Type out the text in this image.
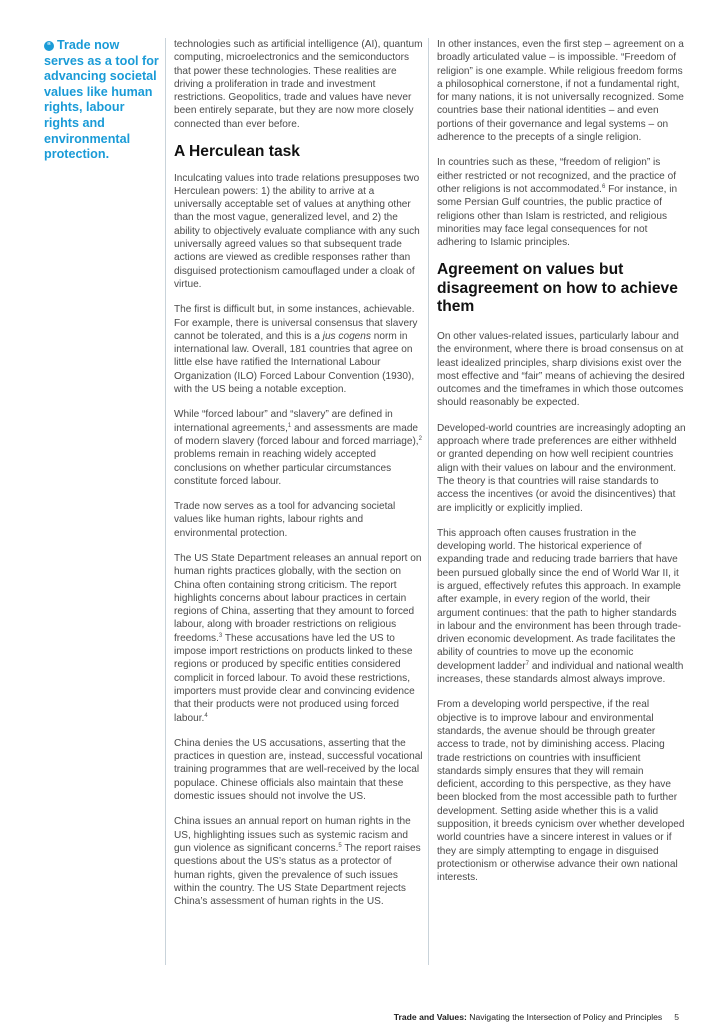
“ Trade now serves as a tool for advancing societal values like human rights, labour rights and environmental protection.

technologies such as artificial intelligence (AI), quantum computing, microelectronics and the semiconductors that power these technologies. These realities are driving a proliferation in trade and investment restrictions. Geopolitics, trade and values have never been entirely separate, but they are now more closely connected than ever before.

A Herculean task

Inculcating values into trade relations presupposes two Herculean powers: 1) the ability to arrive at a universally acceptable set of values at anything other than the most vague, generalized level, and 2) the ability to objectively evaluate compliance with any such universally agreed values so that subsequent trade actions are viewed as credible responses rather than disguised protectionism camouflaged under a cloak of virtue.

The first is difficult but, in some instances, achievable. For example, there is universal consensus that slavery cannot be tolerated, and this is a jus cogens norm in international law. Overall, 181 countries that agree on little else have ratified the International Labour Organization (ILO) Forced Labour Convention (1930), with the US being a notable exception.

While “forced labour” and “slavery” are defined in international agreements,$^1$ and assessments are made of modern slavery (forced labour and forced marriage),$^2$ problems remain in reaching widely accepted conclusions on whether particular circumstances constitute forced labour.

Trade now serves as a tool for advancing societal values like human rights, labour rights and environmental protection.

The US State Department releases an annual report on human rights practices globally, with the section on China often containing strong criticism. The report highlights concerns about labour practices in certain regions of China, asserting that they amount to forced labour, along with broader restrictions on religious freedoms.$^3$ These accusations have led the US to impose import restrictions on products linked to these regions or produced by specific entities considered complicit in forced labour. To avoid these restrictions, importers must provide clear and convincing evidence that their products were not produced using forced labour.$^4$

China denies the US accusations, asserting that the practices in question are, instead, successful vocational training programmes that are well-received by the local populace. Chinese officials also maintain that these domestic issues should not involve the US.

China issues an annual report on human rights in the US, highlighting issues such as systemic racism and gun violence as significant concerns.$^5$ The report raises questions about the US’s status as a protector of human rights, given the prevalence of such issues within the country. The US State Department rejects China’s assessment of human rights in the US.

In other instances, even the first step – agreement on a broadly articulated value – is impossible. “Freedom of religion” is one example. While religious freedom forms a philosophical cornerstone, if not a fundamental right, for many nations, it is not universally recognized. Some countries base their national identities – and even portions of their governance and legal systems – on adherence to the precepts of a single religion.

In countries such as these, “freedom of religion” is either restricted or not recognized, and the practice of other religions is not accommodated.$^6$ For instance, in some Persian Gulf countries, the public practice of religions other than Islam is restricted, and religious minorities may face legal consequences for not adhering to Islamic principles.

Agreement on values but disagreement on how to achieve them

On other values-related issues, particularly labour and the environment, where there is broad consensus on at least idealized principles, sharp divisions exist over the most effective and “fair” means of achieving the desired outcomes and the timeframes in which those outcomes should reasonably be expected.

Developed-world countries are increasingly adopting an approach where trade preferences are either withheld or granted depending on how well recipient countries align with their values on labour and the environment. The theory is that countries will raise standards to access the incentives (or avoid the disincentives) that are implicitly or explicitly implied.

This approach often causes frustration in the developing world. The historical experience of expanding trade and reducing trade barriers that have been pursued globally since the end of World War II, it is argued, effectively refutes this approach. In example after example, in every region of the world, their argument continues: that the path to higher standards in labour and the environment has been through trade-driven economic development. As trade facilitates the ability of countries to move up the economic development ladder$^7$ and individual and national wealth increases, these standards almost always improve.

From a developing world perspective, if the real objective is to improve labour and environmental standards, the avenue should be through greater access to trade, not by diminishing access. Placing trade restrictions on countries with insufficient standards simply ensures that they will remain deficient, according to this perspective, as they have been blocked from the most accessible path to further development. Setting aside whether this is a valid supposition, it breeds cynicism over whether developed world countries have a sincere interest in values or if they are simply attempting to engage in disguised protectionism or otherwise advance their own national interests.

Trade and Values: Navigating the Intersection of Policy and Principles 5
